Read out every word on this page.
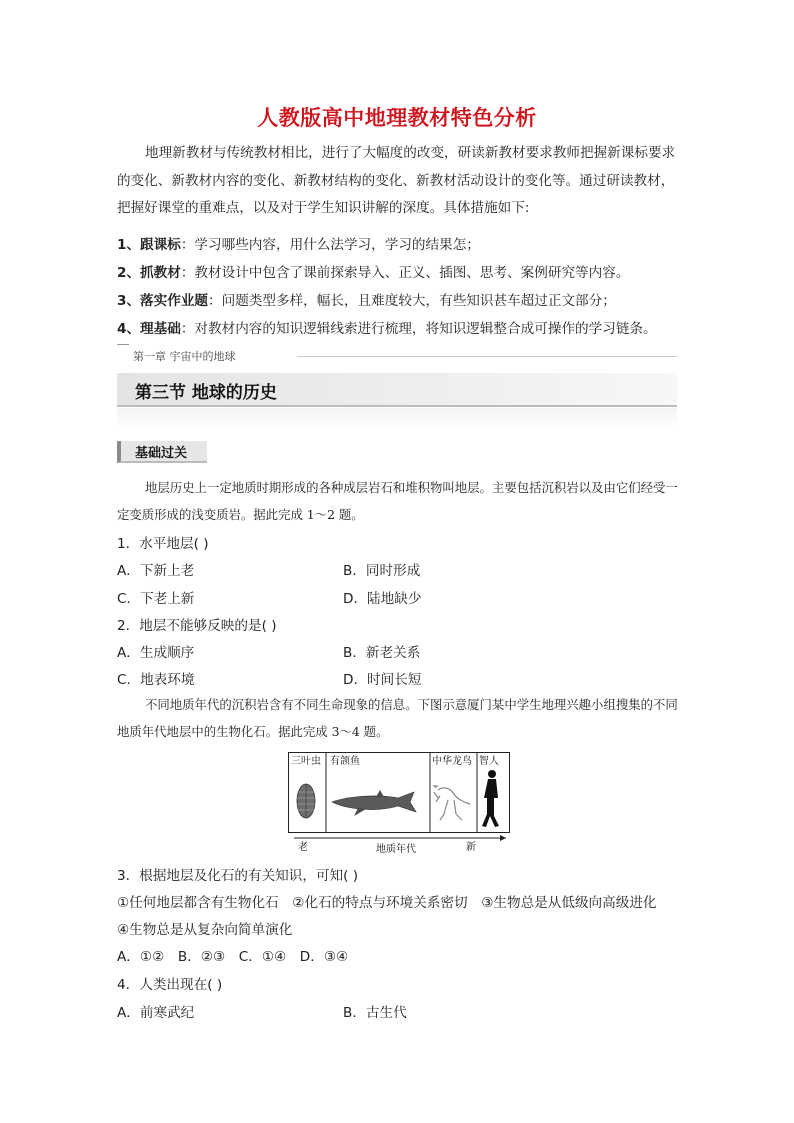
人教版高中地理教材特色分析
地理新教材与传统教材相比，进行了大幅度的改变，研读新教材要求教师把握新课标要求的变化、新教材内容的变化、新教材结构的变化、新教材活动设计的变化等。通过研读教材，把握好课堂的重难点，以及对于学生知识讲解的深度。具体措施如下:
1、跟课标：学习哪些内容，用什么法学习，学习的结果怎；
2、抓教材：教材设计中包含了课前探索导入、正义、插图、思考、案例研究等内容。
3、落实作业题：问题类型多样，幅长，且难度较大，有些知识甚车超过正文部分；
4、理基础：对教材内容的知识逻辑线索进行梳理，将知识逻辑整合成可操作的学习链条。
第一章 宇宙中的地球
第三节 地球的历史
基础过关
地层历史上一定地质时期形成的各种成层岩石和堆积物叫地层。主要包括沉积岩以及由它们经受一定变质形成的浅变质岩。据此完成 1～2 题。
1．水平地层( )
A．下新上老	B．同时形成
C．下老上新	D．陆地缺少
2．地层不能够反映的是( )
A．生成顺序	B．新老关系
C．地表环境	D．时间长短
不同地质年代的沉积岩含有不同生命现象的信息。下图示意厦门某中学生地理兴趣小组搜集的不同地质年代地层中的生物化石。据此完成 3～4 题。
三叶虫 有颌鱼	中华龙鸟 智人
老	地质年代	新
3．根据地层及化石的有关知识，可知( )
①任何地层都含有生物化石　②化石的特点与环境关系密切　③生物总是从低级向高级进化
④生物总是从复杂向简单演化
A．①②　B．②③　C．①④　D．③④
4．人类出现在( )
A．前寒武纪	B．古生代
